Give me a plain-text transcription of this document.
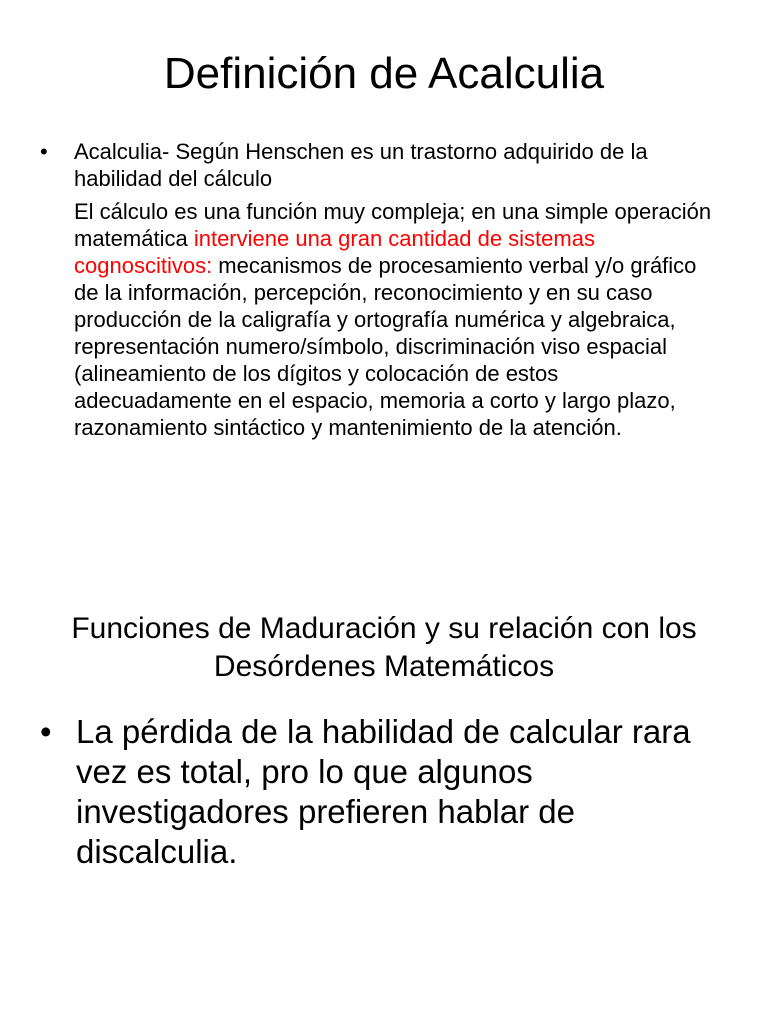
Definición de Acalculia
•	Acalculia- Según Henschen es un trastorno adquirido de la habilidad del cálculo
El cálculo es una función muy compleja; en una simple operación matemática interviene una gran cantidad de sistemas cognoscitivos: mecanismos de procesamiento verbal y/o gráfico de la información, percepción, reconocimiento y en su caso producción de la caligrafía y ortografía numérica y algebraica, representación numero/símbolo, discriminación viso espacial (alineamiento de los dígitos y colocación de estos adecuadamente en el espacio, memoria a corto y largo plazo, razonamiento sintáctico y mantenimiento de la atención.
Funciones de Maduración y su relación con los Desórdenes Matemáticos
• La pérdida de la habilidad de calcular rara vez es total, pro lo que algunos investigadores prefieren hablar de discalculia.
